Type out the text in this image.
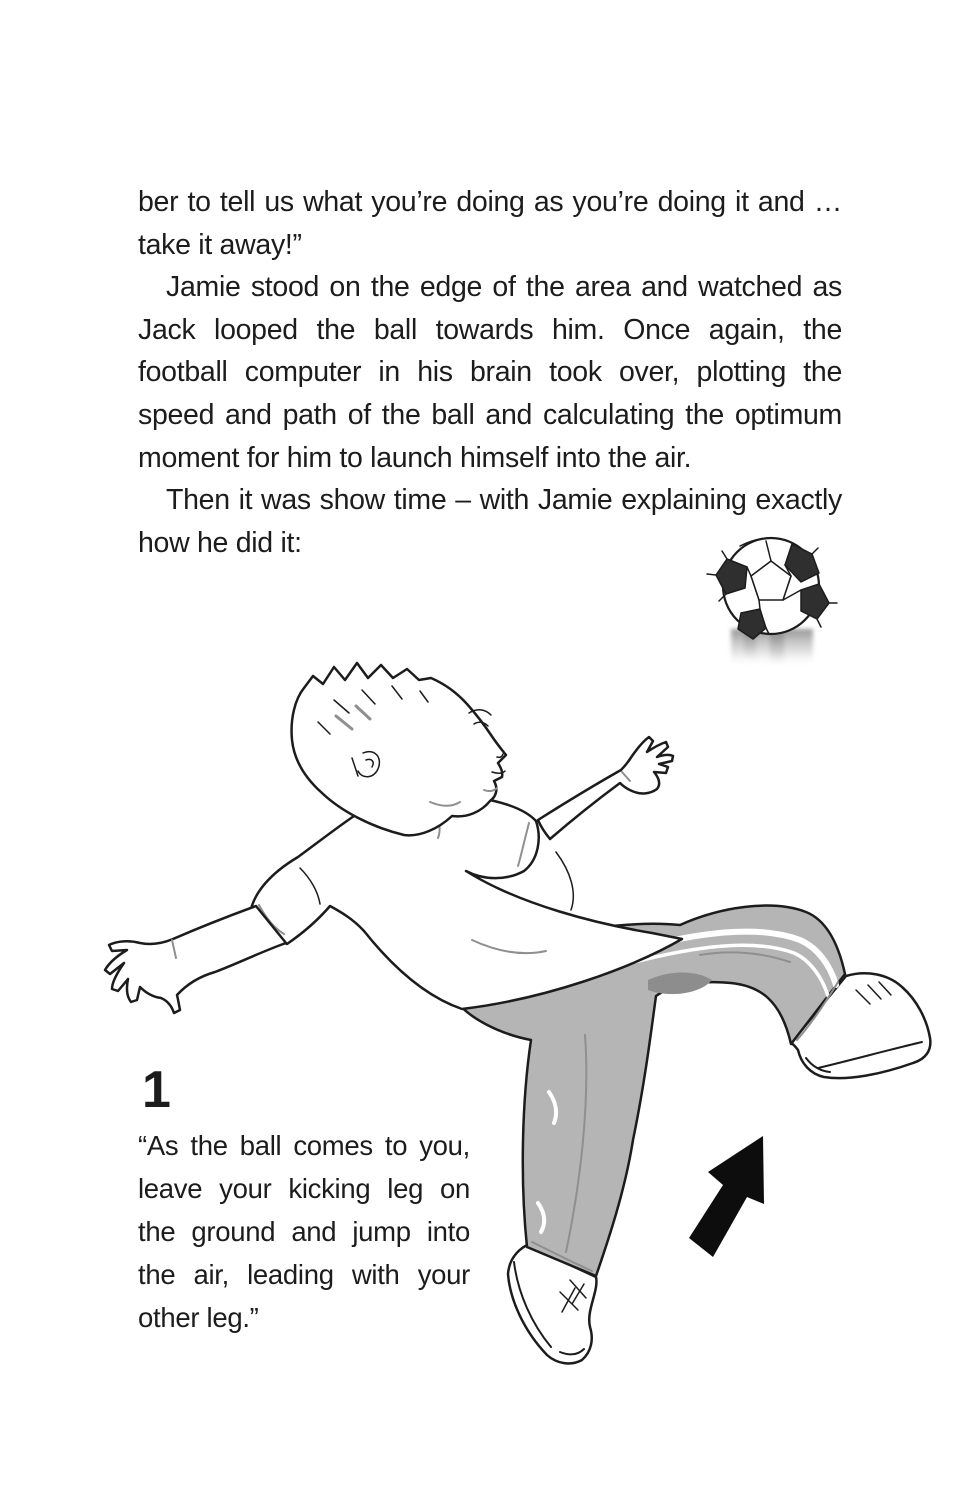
ber to tell us what you’re doing as you’re doing it and … take it away!”

Jamie stood on the edge of the area and watched as Jack looped the ball towards him. Once again, the football computer in his brain took over, plotting the speed and path of the ball and calculating the optimum moment for him to launch himself into the air.

Then it was show time – with Jamie explaining exactly how he did it:

1
“As the ball comes to you, leave your kicking leg on the ground and jump into the air, leading with your other leg.”
